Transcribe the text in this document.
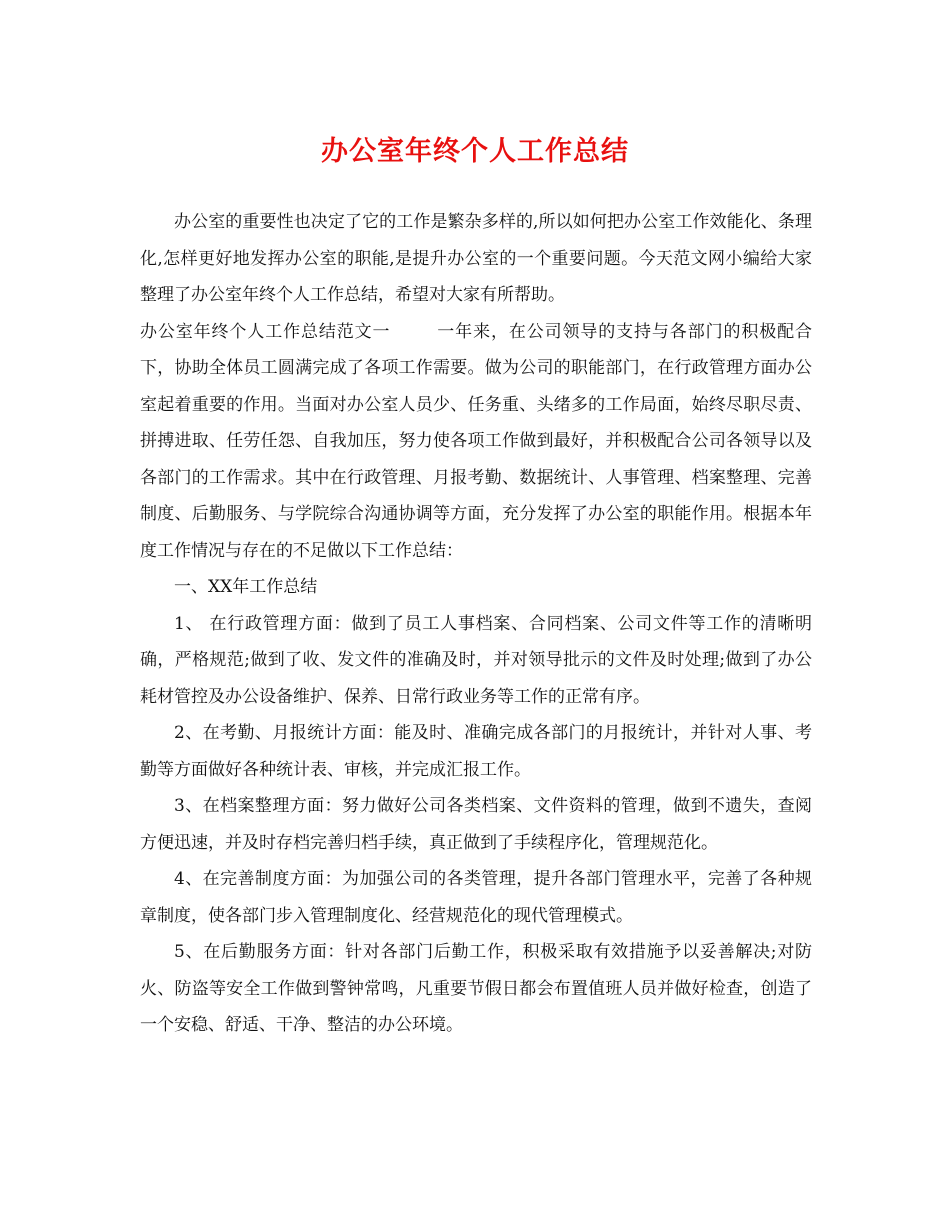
办公室年终个人工作总结

办公室的重要性也决定了它的工作是繁杂多样的,所以如何把办公室工作效能化、条理化,怎样更好地发挥办公室的职能,是提升办公室的一个重要问题。今天范文网小编给大家整理了办公室年终个人工作总结，希望对大家有所帮助。

办公室年终个人工作总结范文一	一年来，在公司领导的支持与各部门的积极配合下，协助全体员工圆满完成了各项工作需要。做为公司的职能部门，在行政管理方面办公室起着重要的作用。当面对办公室人员少、任务重、头绪多的工作局面，始终尽职尽责、拼搏进取、任劳任怨、自我加压，努力使各项工作做到最好，并积极配合公司各领导以及各部门的工作需求。其中在行政管理、月报考勤、数据统计、人事管理、档案整理、完善制度、后勤服务、与学院综合沟通协调等方面，充分发挥了办公室的职能作用。根据本年度工作情况与存在的不足做以下工作总结：

一、XX年工作总结

1、 在行政管理方面：做到了员工人事档案、合同档案、公司文件等工作的清晰明确，严格规范;做到了收、发文件的准确及时，并对领导批示的文件及时处理;做到了办公耗材管控及办公设备维护、保养、日常行政业务等工作的正常有序。

2、在考勤、月报统计方面：能及时、准确完成各部门的月报统计，并针对人事、考勤等方面做好各种统计表、审核，并完成汇报工作。

3、在档案整理方面：努力做好公司各类档案、文件资料的管理，做到不遗失，查阅方便迅速，并及时存档完善归档手续，真正做到了手续程序化，管理规范化。

4、在完善制度方面：为加强公司的各类管理，提升各部门管理水平，完善了各种规章制度，使各部门步入管理制度化、经营规范化的现代管理模式。

5、在后勤服务方面：针对各部门后勤工作，积极采取有效措施予以妥善解决;对防火、防盗等安全工作做到警钟常鸣，凡重要节假日都会布置值班人员并做好检查，创造了一个安稳、舒适、干净、整洁的办公环境。
